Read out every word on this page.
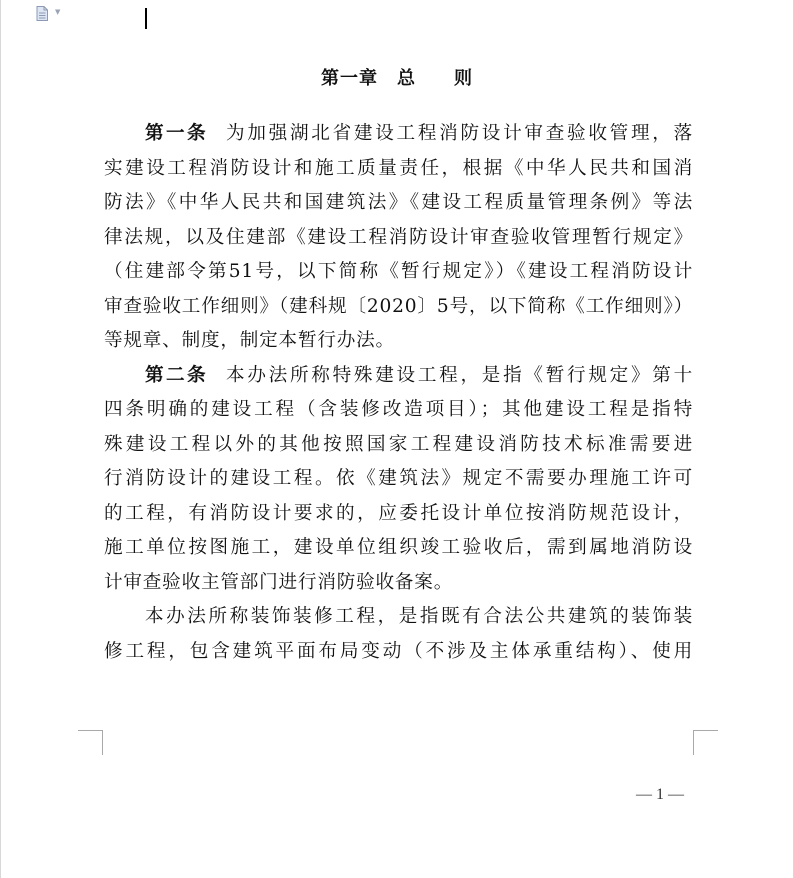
▼
第一章　总　　则
第一条 为加强湖北省建设工程消防设计审查验收管理，落
实建设工程消防设计和施工质量责任，根据《中华人民共和国消
防法》《中华人民共和国建筑法》《建设工程质量管理条例》等法
律法规，以及住建部《建设工程消防设计审查验收管理暂行规定》
（住建部令第51号，以下简称《暂行规定》）《建设工程消防设计
审查验收工作细则》（建科规〔2020〕5号，以下简称《工作细则》）
等规章、制度，制定本暂行办法。
第二条 本办法所称特殊建设工程，是指《暂行规定》第十
四条明确的建设工程（含装修改造项目）；其他建设工程是指特
殊建设工程以外的其他按照国家工程建设消防技术标准需要进
行消防设计的建设工程。依《建筑法》规定不需要办理施工许可
的工程，有消防设计要求的，应委托设计单位按消防规范设计，
施工单位按图施工，建设单位组织竣工验收后，需到属地消防设
计审查验收主管部门进行消防验收备案。
本办法所称装饰装修工程，是指既有合法公共建筑的装饰装
修工程，包含建筑平面布局变动（不涉及主体承重结构）、使用
— 1 —
